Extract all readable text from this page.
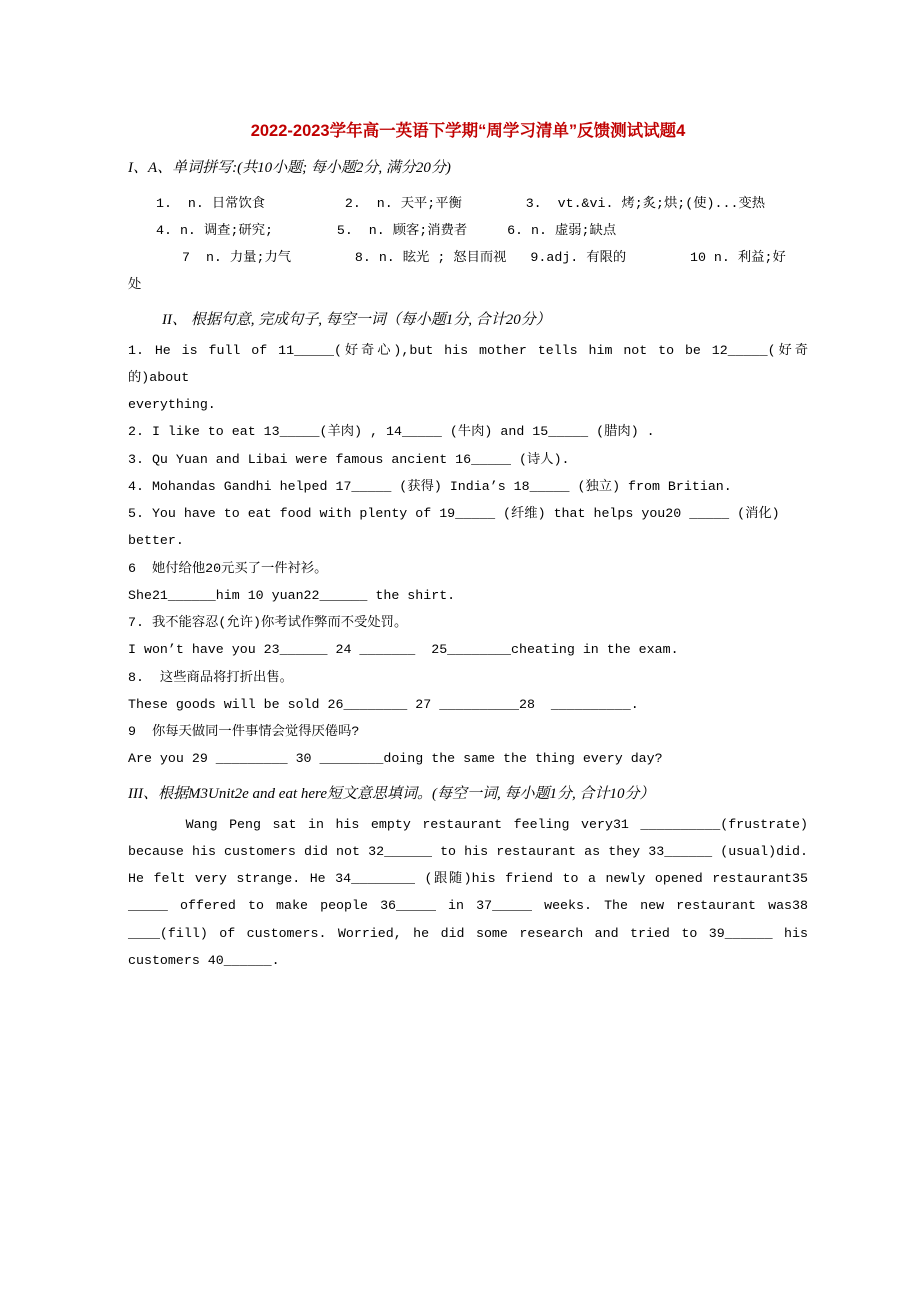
2022-2023学年高一英语下学期“周学习清单”反馈测试试题4
I、A、单词拼写:(共10小题; 每小题2分, 满分20分)
1.  n. 日常饮食          2.  n. 天平;平衡        3.  vt.&vi. 烤;炙;烘;(使)...变热
4. n. 调查;研究;        5.  n. 顾客;消费者     6. n. 虚弱;缺点
7  n. 力量;力气        8. n. 眩光 ; 怒目而视   9.adj. 有限的        10 n. 利益;好
处
II、 根据句意, 完成句子, 每空一词（每小题1分, 合计20分）
1. He is full of 11_____(好奇心),but his mother tells him not to be 12_____(好奇的)about
everything.
2. I like to eat 13_____(羊肉) , 14_____ (牛肉) and 15_____ (腊肉) .
3. Qu Yuan and Libai were famous ancient 16_____ (诗人).
4. Mohandas Gandhi helped 17_____ (获得) India’s 18_____ (独立) from Britian.
5. You have to eat food with plenty of 19_____ (纤维) that helps you20 _____ (消化)
better.
6  她付给他20元买了一件衬衫。
She21______him 10 yuan22______ the shirt.
7. 我不能容忍(允许)你考试作弊而不受处罚。
I won’t have you 23______ 24 _______  25________cheating in the exam.
8.  这些商品将打折出售。
These goods will be sold 26________ 27 __________28  __________.
9  你每天做同一件事情会觉得厌倦吗?
Are you 29 _________ 30 ________doing the same the thing every day?
III、根据M3Unit2e and eat here短文意思填词。(每空一词, 每小题1分, 合计10分）
Wang Peng sat in his empty restaurant feeling very31 __________(frustrate) because his customers did not 32______ to his restaurant as they 33______ (usual)did. He felt very strange. He 34________ (跟随)his friend to a newly opened restaurant35 _____ offered to make people 36_____ in 37_____ weeks. The new restaurant was38 ____(fill) of customers. Worried, he did some research and tried to 39______ his customers 40______.
